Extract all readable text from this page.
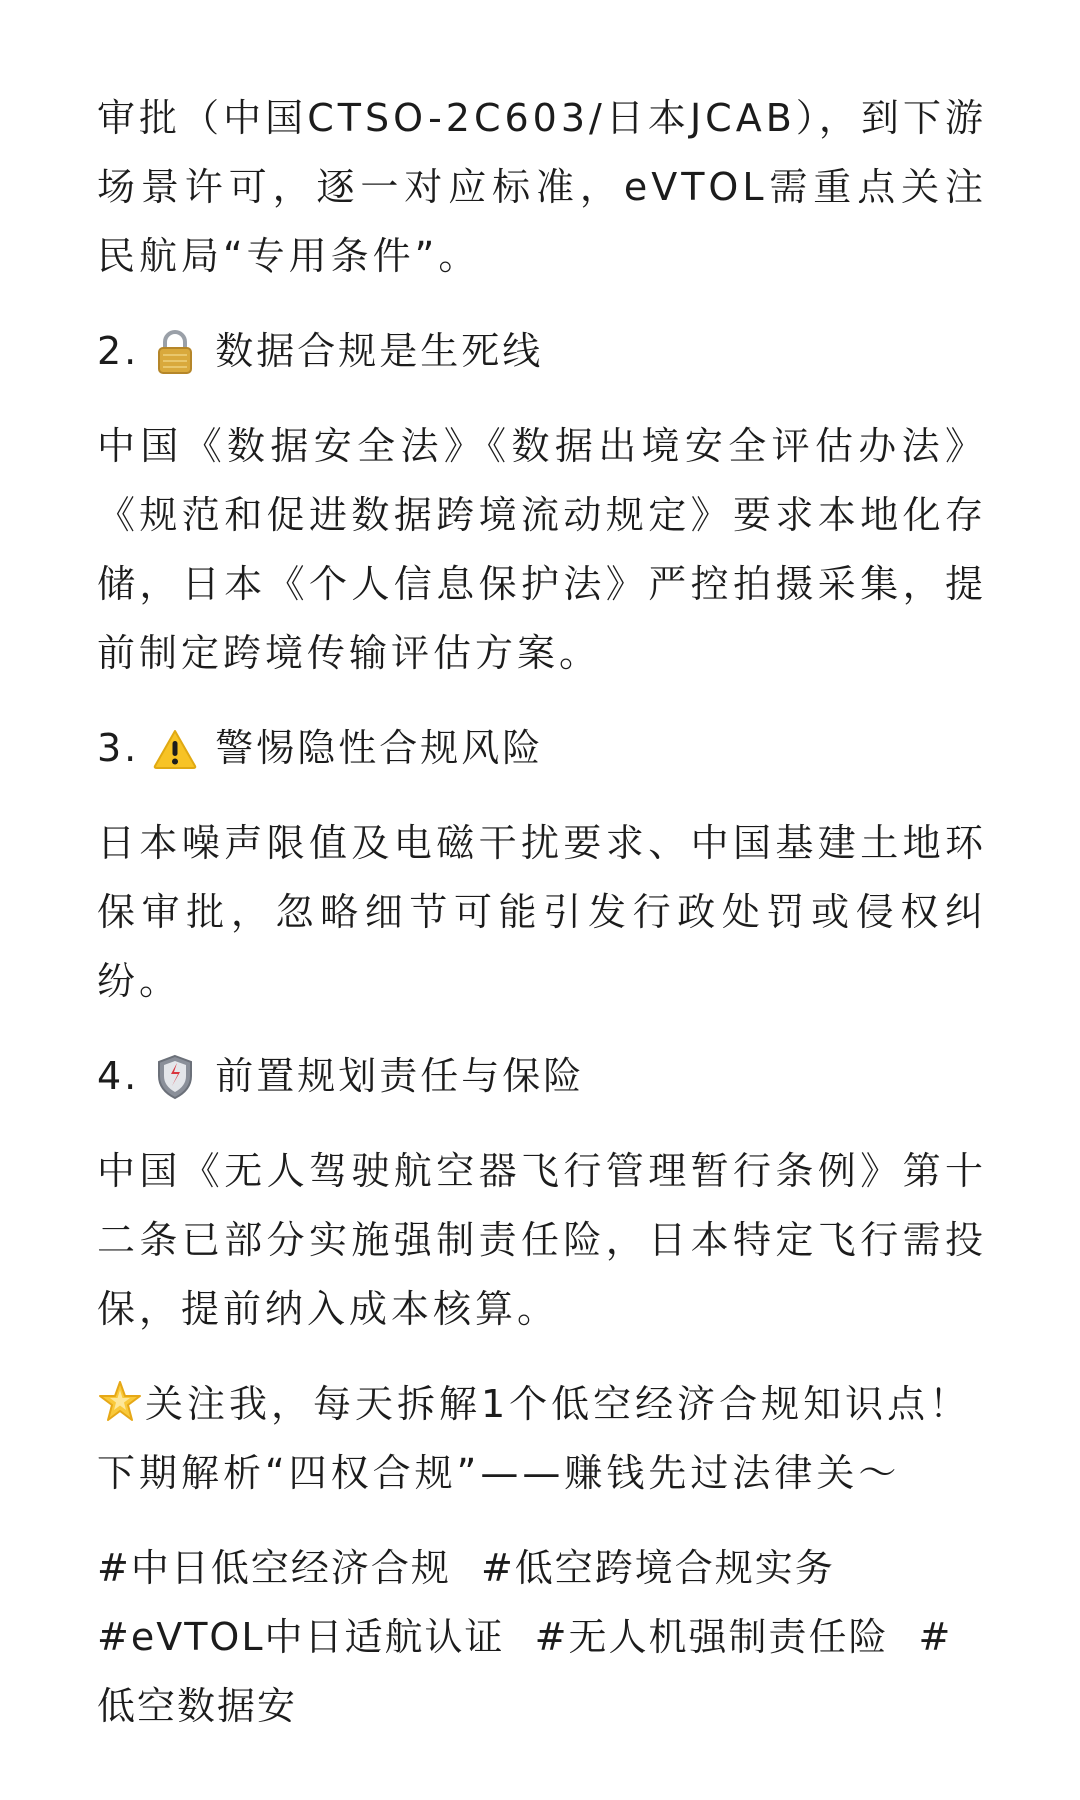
审批（中国CTSO-2C603/日本JCAB），到下游场景许可，逐一对应标准，eVTOL需重点关注民航局“专用条件”。

2. 数据合规是生死线

中国《数据安全法》《数据出境安全评估办法》《规范和促进数据跨境流动规定》要求本地化存储，日本《个人信息保护法》严控拍摄采集，提前制定跨境传输评估方案。

3. 警惕隐性合规风险

日本噪声限值及电磁干扰要求、中国基建土地环保审批，忽略细节可能引发行政处罚或侵权纠纷。

4. 前置规划责任与保险

中国《无人驾驶航空器飞行管理暂行条例》第十二条已部分实施强制责任险，日本特定飞行需投保，提前纳入成本核算。

关注我，每天拆解1个低空经济合规知识点！
下期解析“四权合规”——赚钱先过法律关～

#中日低空经济合规 #低空跨境合规实务 #eVTOL中日适航认证 #无人机强制责任险 #低空数据安
